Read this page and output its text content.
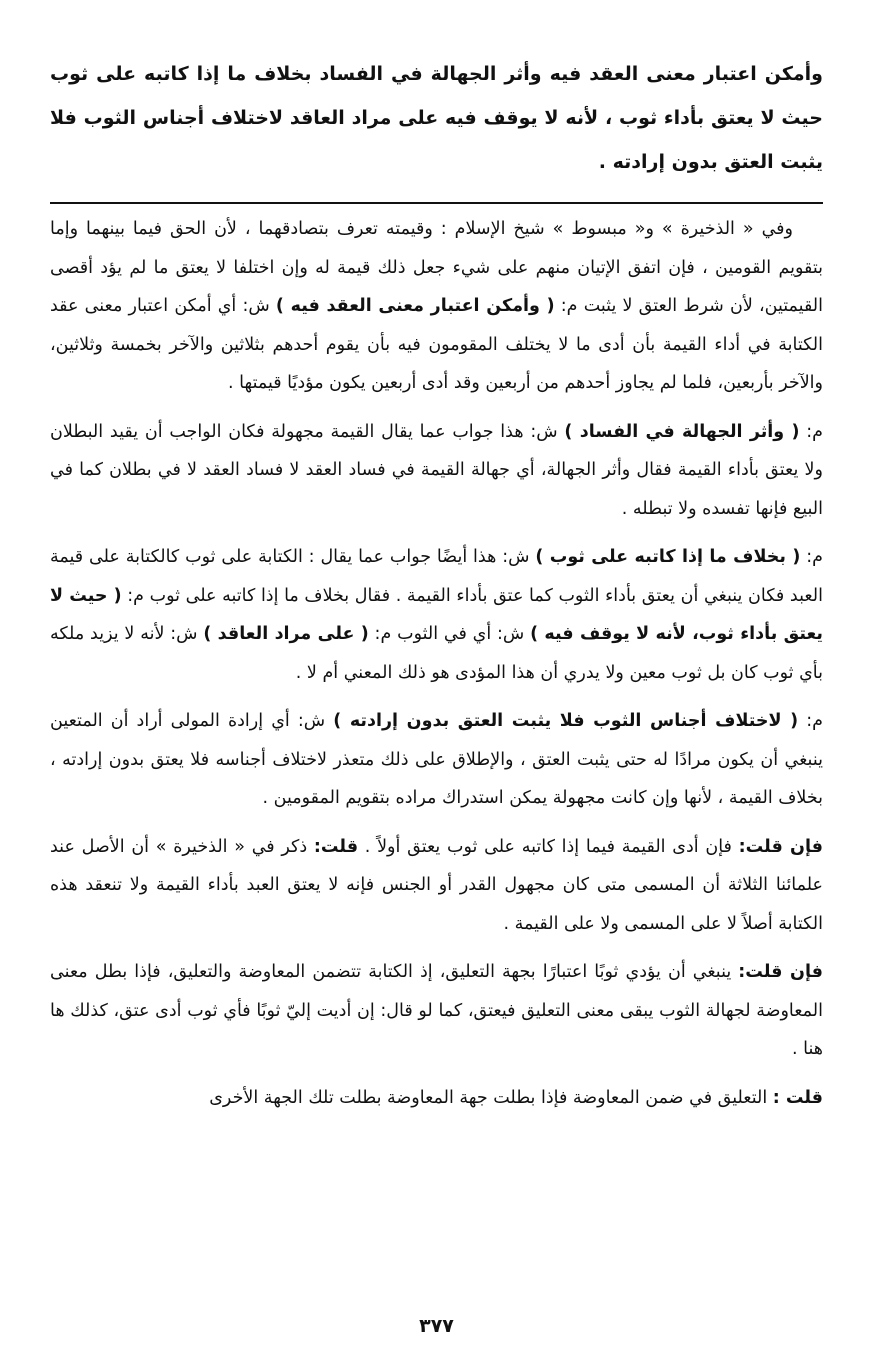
وأمكن اعتبار معنى العقد فيه وأثر الجهالة في الفساد بخلاف ما إذا كاتبه على ثوب حيث لا يعتق بأداء ثوب ، لأنه لا يوقف فيه على مراد العاقد لاختلاف أجناس الثوب فلا يثبت العتق بدون إرادته .

وفي « الذخيرة » و« مبسوط » شيخ الإسلام : وقيمته تعرف بتصادقهما ، لأن الحق فيما بينهما وإما بتقويم القومين ، فإن اتفق الإتيان منهم على شيء جعل ذلك قيمة له وإن اختلفا لا يعتق ما لم يؤد أقصى القيمتين، لأن شرط العتق لا يثبت م: ( وأمكن اعتبار معنى العقد فيه ) ش: أي أمكن اعتبار معنى عقد الكتابة في أداء القيمة بأن أدى ما لا يختلف المقومون فيه بأن يقوم أحدهم بثلاثين والآخر بخمسة وثلاثين، والآخر بأربعين، فلما لم يجاوز أحدهم من أربعين وقد أدى أربعين يكون مؤديًا قيمتها .

م: ( وأثر الجهالة في الفساد ) ش: هذا جواب عما يقال القيمة مجهولة فكان الواجب أن يقيد البطلان ولا يعتق بأداء القيمة فقال وأثر الجهالة، أي جهالة القيمة في فساد العقد لا فساد العقد لا في بطلان كما في البيع فإنها تفسده ولا تبطله .

م: ( بخلاف ما إذا كاتبه على ثوب ) ش: هذا أيضًا جواب عما يقال : الكتابة على ثوب كالكتابة على قيمة العبد فكان ينبغي أن يعتق بأداء الثوب كما عتق بأداء القيمة . فقال بخلاف ما إذا كاتبه على ثوب م: ( حيث لا يعتق بأداء ثوب، لأنه لا يوقف فيه ) ش: أي في الثوب م: ( على مراد العاقد ) ش: لأنه لا يزيد ملكه بأي ثوب كان بل ثوب معين ولا يدري أن هذا المؤدى هو ذلك المعني أم لا .

م: ( لاختلاف أجناس الثوب فلا يثبت العتق بدون إرادته ) ش: أي إرادة المولى أراد أن المتعين ينبغي أن يكون مرادًا له حتى يثبت العتق ، والإطلاق على ذلك متعذر لاختلاف أجناسه فلا يعتق بدون إرادته ، بخلاف القيمة ، لأنها وإن كانت مجهولة يمكن استدراك مراده بتقويم المقومين .

فإن قلت: فإن أدى القيمة فيما إذا كاتبه على ثوب يعتق أولاً . قلت: ذكر في « الذخيرة » أن الأصل عند علمائنا الثلاثة أن المسمى متى كان مجهول القدر أو الجنس فإنه لا يعتق العبد بأداء القيمة ولا تنعقد هذه الكتابة أصلاً لا على المسمى ولا على القيمة .

فإن قلت: ينبغي أن يؤدي ثوبًا اعتبارًا بجهة التعليق، إذ الكتابة تتضمن المعاوضة والتعليق، فإذا بطل معنى المعاوضة لجهالة الثوب يبقى معنى التعليق فيعتق، كما لو قال: إن أديت إليّ ثوبًا فأي ثوب أدى عتق، كذلك ها هنا .

قلت : التعليق في ضمن المعاوضة فإذا بطلت جهة المعاوضة بطلت تلك الجهة الأخرى

٣٧٧
